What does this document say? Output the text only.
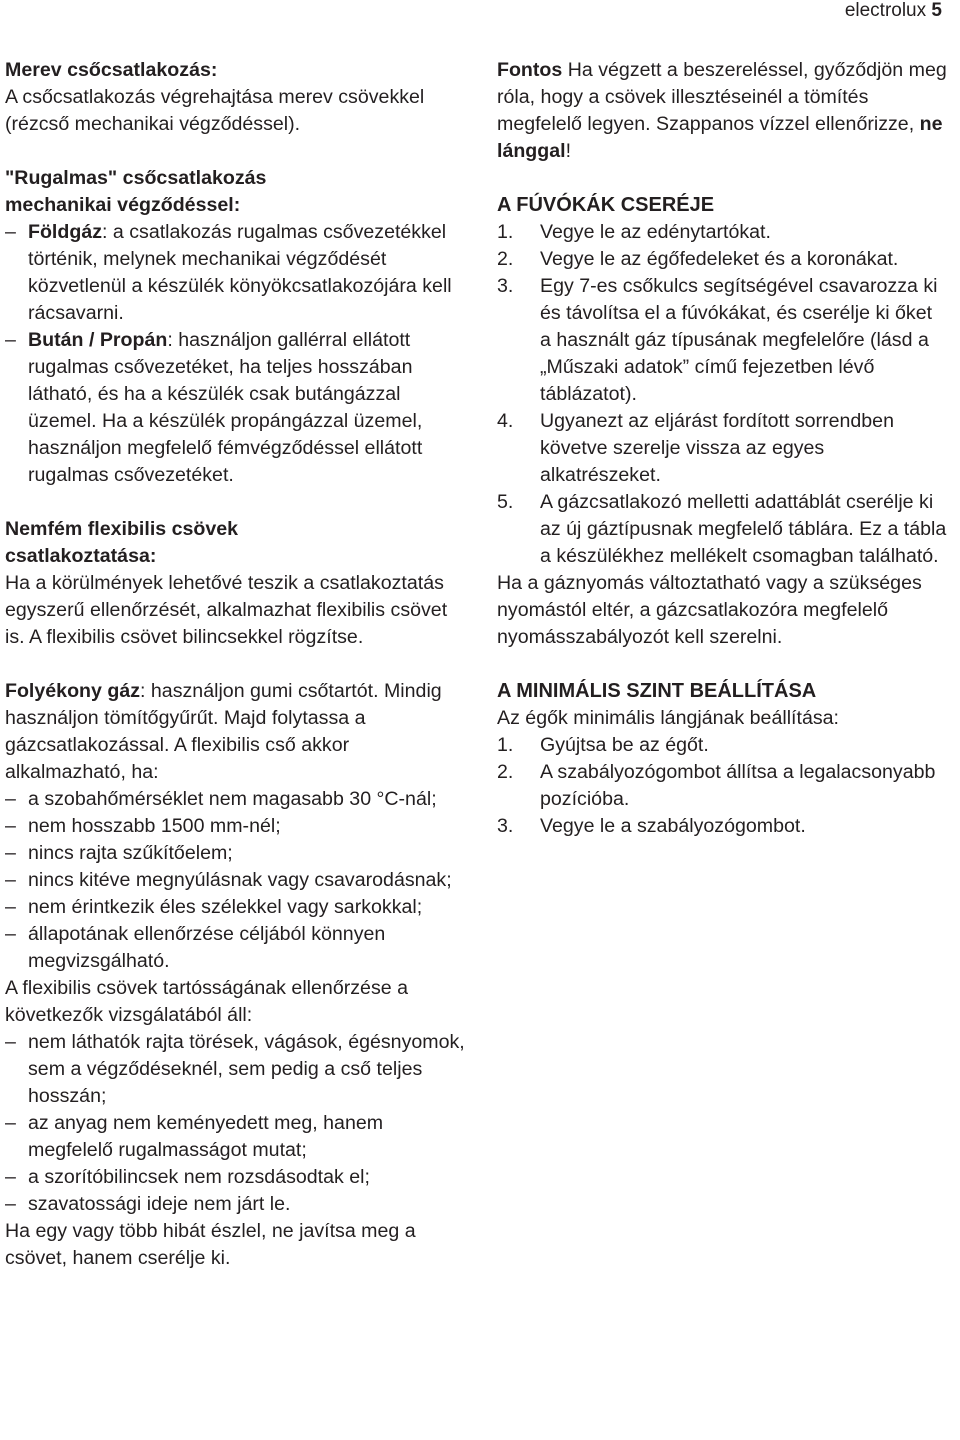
electrolux 5

Merev csőcsatlakozás:

A csőcsatlakozás végrehajtása merev csövekkel (rézcső mechanikai végződéssel).

"Rugalmas" csőcsatlakozás

mechanikai végződéssel:

– Földgáz: a csatlakozás rugalmas csővezetékkel történik, melynek mechanikai végződését közvetlenül a készülék könyökcsatlakozójára kell rácsavarni.
– Bután / Propán: használjon gallérral ellátott rugalmas csővezetéket, ha teljes hosszában látható, és ha a készülék csak butángázzal üzemel. Ha a készülék propángázzal üzemel, használjon megfelelő fémvégződéssel ellátott rugalmas csővezetéket.

Nemfém flexibilis csövek

csatlakoztatása:

Ha a körülmények lehetővé teszik a csatlakoztatás egyszerű ellenőrzését, alkalmazhat flexibilis csövet is. A flexibilis csövet bilincsekkel rögzítse.

Folyékony gáz: használjon gumi csőtartót. Mindig használjon tömítőgyűrűt. Majd folytassa a gázcsatlakozással. A flexibilis cső akkor alkalmazható, ha:

– a szobahőmérséklet nem magasabb 30 °C-nál;
– nem hosszabb 1500 mm-nél;
– nincs rajta szűkítőelem;
– nincs kitéve megnyúlásnak vagy csavarodásnak;
– nem érintkezik éles szélekkel vagy sarkokkal;
– állapotának ellenőrzése céljából könnyen megvizsgálható.

A flexibilis csövek tartósságának ellenőrzése a következők vizsgálatából áll:

– nem láthatók rajta törések, vágások, égésnyomok, sem a végződéseknél, sem pedig a cső teljes hosszán;
– az anyag nem keményedett meg, hanem megfelelő rugalmasságot mutat;
– a szorítóbilincsek nem rozsdásodtak el;
– szavatossági ideje nem járt le.

Ha egy vagy több hibát észlel, ne javítsa meg a csövet, hanem cserélje ki.

Fontos Ha végzett a beszereléssel, győződjön meg róla, hogy a csövek illesztéseinél a tömítés megfelelő legyen. Szappanos vízzel ellenőrizze, ne lánggal!

A FÚVÓKÁK CSERÉJE

1. Vegye le az edénytartókat.
2. Vegye le az égőfedeleket és a koronákat.
3. Egy 7-es csőkulcs segítségével csavarozza ki és távolítsa el a fúvókákat, és cserélje ki őket a használt gáz típusának megfelelőre (lásd a „Műszaki adatok” című fejezetben lévő táblázatot).
4. Ugyanezt az eljárást fordított sorrendben követve szerelje vissza az egyes alkatrészeket.
5. A gázcsatlakozó melletti adattáblát cserélje ki az új gáztípusnak megfelelő táblára. Ez a tábla a készülékhez mellékelt csomagban található.

Ha a gáznyomás változtatható vagy a szükséges nyomástól eltér, a gázcsatlakozóra megfelelő nyomásszabályozót kell szerelni.

A MINIMÁLIS SZINT BEÁLLÍTÁSA

Az égők minimális lángjának beállítása:

1. Gyújtsa be az égőt.
2. A szabályozógombot állítsa a legalacsonyabb pozícióba.
3. Vegye le a szabályozógombot.
